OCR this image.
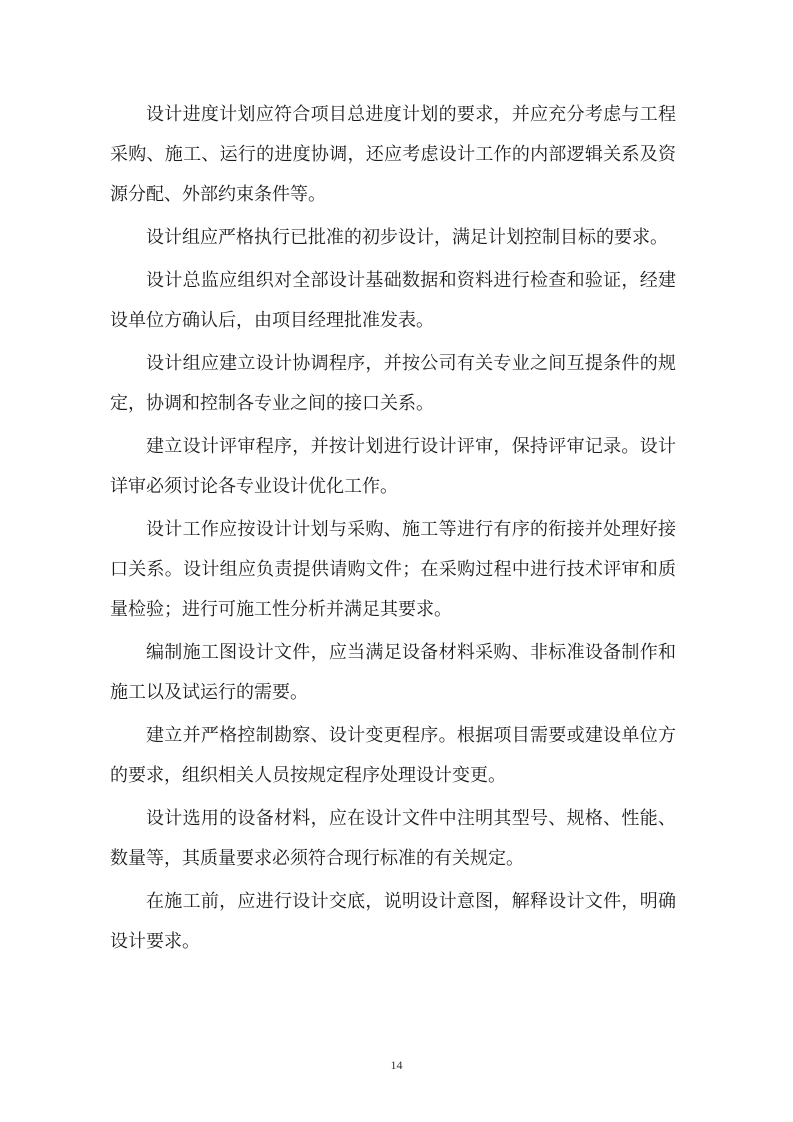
设计进度计划应符合项目总进度计划的要求，并应充分考虑与工程采购、施工、运行的进度协调，还应考虑设计工作的内部逻辑关系及资源分配、外部约束条件等。

设计组应严格执行已批准的初步设计，满足计划控制目标的要求。

设计总监应组织对全部设计基础数据和资料进行检查和验证，经建设单位方确认后，由项目经理批准发表。

设计组应建立设计协调程序，并按公司有关专业之间互提条件的规定，协调和控制各专业之间的接口关系。

建立设计评审程序，并按计划进行设计评审，保持评审记录。设计详审必须讨论各专业设计优化工作。

设计工作应按设计计划与采购、施工等进行有序的衔接并处理好接口关系。设计组应负责提供请购文件；在采购过程中进行技术评审和质量检验；进行可施工性分析并满足其要求。

编制施工图设计文件，应当满足设备材料采购、非标准设备制作和施工以及试运行的需要。

建立并严格控制勘察、设计变更程序。根据项目需要或建设单位方的要求，组织相关人员按规定程序处理设计变更。

设计选用的设备材料，应在设计文件中注明其型号、规格、性能、数量等，其质量要求必须符合现行标准的有关规定。

在施工前，应进行设计交底，说明设计意图，解释设计文件，明确设计要求。

14
